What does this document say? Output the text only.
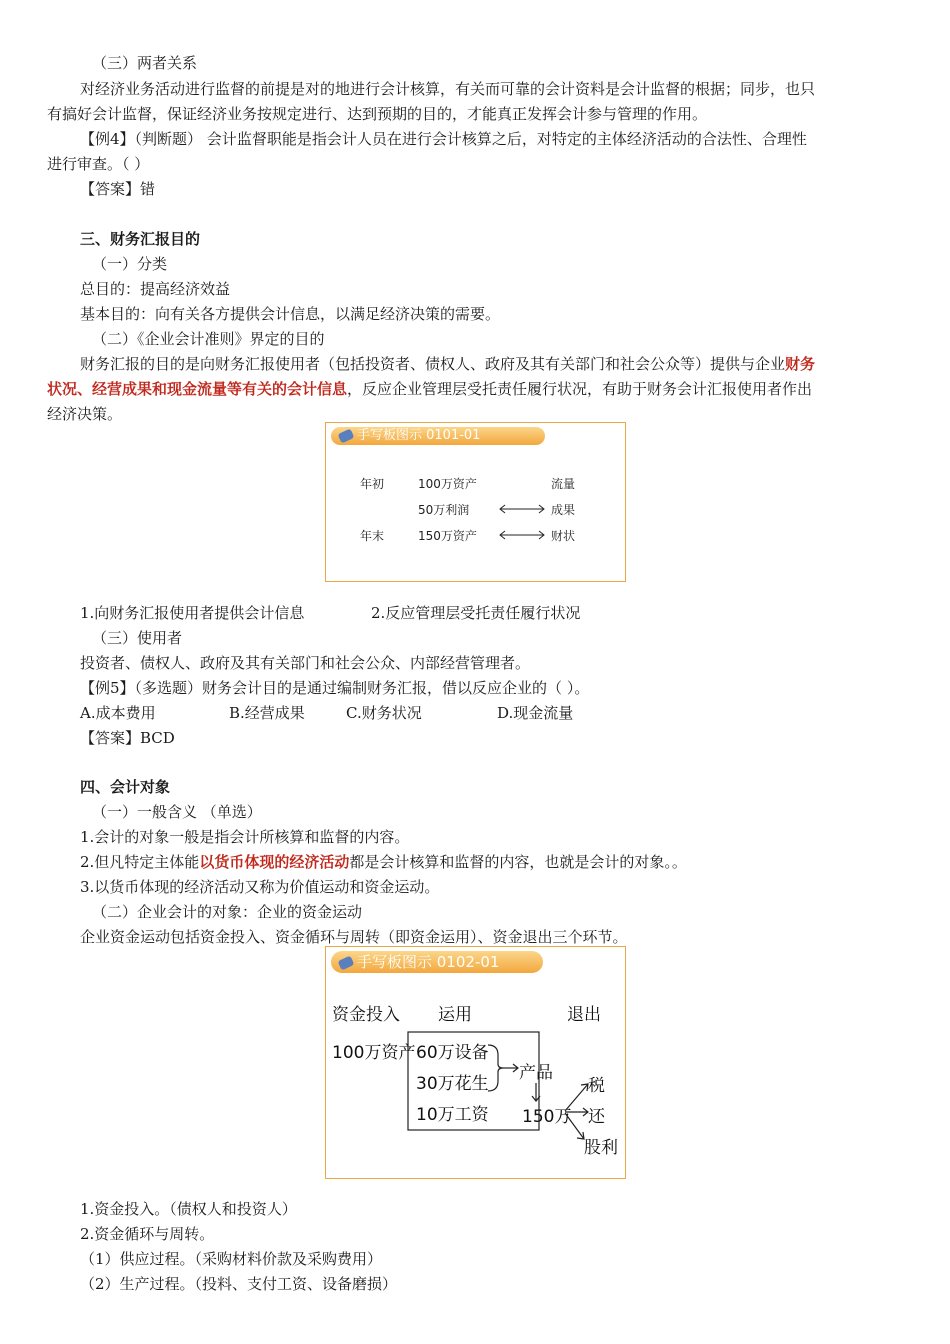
（三）两者关系
对经济业务活动进行监督的前提是对的地进行会计核算，有关而可靠的会计资料是会计监督的根据；同步，也只
有搞好会计监督，保证经济业务按规定进行、达到预期的目的，才能真正发挥会计参与管理的作用。
【例4】（判断题） 会计监督职能是指会计人员在进行会计核算之后，对特定的主体经济活动的合法性、合理性
进行审查。（ ）
【答案】错
三、财务汇报目的
（一）分类
总目的：提高经济效益
基本目的：向有关各方提供会计信息，以满足经济决策的需要。
（二）《企业会计准则》界定的目的
财务汇报的目的是向财务汇报使用者（包括投资者、债权人、政府及其有关部门和社会公众等）提供与企业财务
状况、经营成果和现金流量等有关的会计信息，反应企业管理层受托责任履行状况，有助于财务会计汇报使用者作出
经济决策。
手写板图示 0101-01
年初	100万资产	流量
50万利润	成果
年末	150万资产	财状
1.向财务汇报使用者提供会计信息	2.反应管理层受托责任履行状况
（三）使用者
投资者、债权人、政府及其有关部门和社会公众、内部经营管理者。
【例5】（多选题）财务会计目的是通过编制财务汇报，借以反应企业的（ ）。
A.成本费用	B.经营成果	C.财务状况	D.现金流量
【答案】BCD
四、会计对象
（一）一般含义 （单选）
1.会计的对象一般是指会计所核算和监督的内容。
2.但凡特定主体能以货币体现的经济活动都是会计核算和监督的内容，也就是会计的对象。。
3.以货币体现的经济活动又称为价值运动和资金运动。
（二）企业会计的对象：企业的资金运动
企业资金运动包括资金投入、资金循环与周转（即资金运用）、资金退出三个环节。
手写板图示 0102-01
资金投入 运用	退出
100万资产 60万设备
30万花生
10万工资
产品
150万
税
还
股利
1.资金投入。（债权人和投资人）
2.资金循环与周转。
（1）供应过程。（采购材料价款及采购费用）
（2）生产过程。（投料、支付工资、设备磨损）
